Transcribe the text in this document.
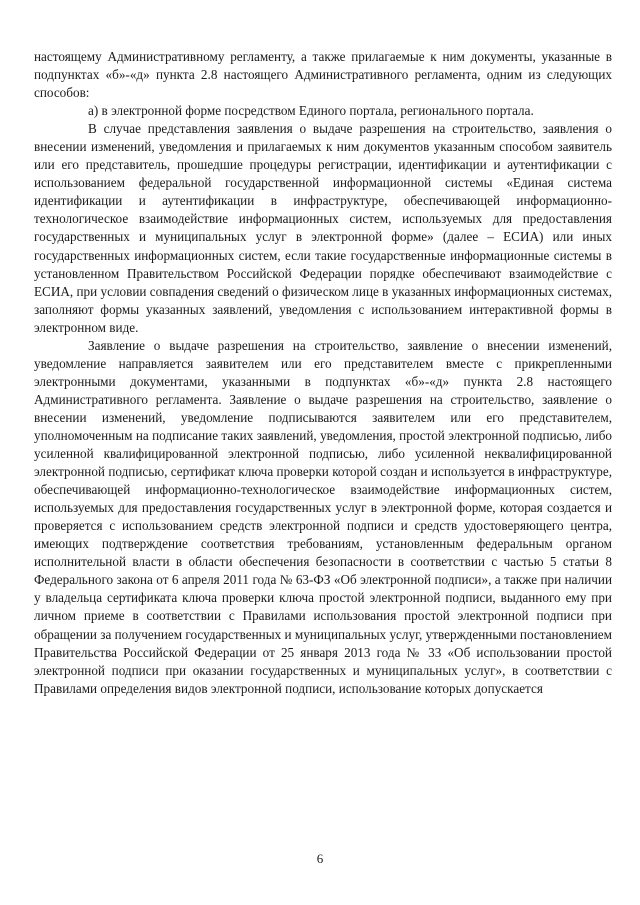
настоящему Административному регламенту, а также прилагаемые к ним документы, указанные в подпунктах «б»-«д» пункта 2.8 настоящего Административного регламента, одним из следующих способов:

а) в электронной форме посредством Единого портала, регионального портала.

В случае представления заявления о выдаче разрешения на строительство, заявления о внесении изменений, уведомления и прилагаемых к ним документов указанным способом заявитель или его представитель, прошедшие процедуры регистрации, идентификации и аутентификации с использованием федеральной государственной информационной системы «Единая система идентификации и аутентификации в инфраструктуре, обеспечивающей информационно-технологическое взаимодействие информационных систем, используемых для предоставления государственных и муниципальных услуг в электронной форме» (далее – ЕСИА) или иных государственных информационных систем, если такие государственные информационные системы в установленном Правительством Российской Федерации порядке обеспечивают взаимодействие с ЕСИА, при условии совпадения сведений о физическом лице в указанных информационных системах, заполняют формы указанных заявлений, уведомления с использованием интерактивной формы в электронном виде.

Заявление о выдаче разрешения на строительство, заявление о внесении изменений, уведомление направляется заявителем или его представителем вместе с прикрепленными электронными документами, указанными в подпунктах «б»-«д» пункта 2.8 настоящего Административного регламента. Заявление о выдаче разрешения на строительство, заявление о внесении изменений, уведомление подписываются заявителем или его представителем, уполномоченным на подписание таких заявлений, уведомления, простой электронной подписью, либо усиленной квалифицированной электронной подписью, либо усиленной неквалифицированной электронной подписью, сертификат ключа проверки которой создан и используется в инфраструктуре, обеспечивающей информационно-технологическое взаимодействие информационных систем, используемых для предоставления государственных услуг в электронной форме, которая создается и проверяется с использованием средств электронной подписи и средств удостоверяющего центра, имеющих подтверждение соответствия требованиям, установленным федеральным органом исполнительной власти в области обеспечения безопасности в соответствии с частью 5 статьи 8 Федерального закона от 6 апреля 2011 года № 63-ФЗ «Об электронной подписи», а также при наличии у владельца сертификата ключа проверки ключа простой электронной подписи, выданного ему при личном приеме в соответствии с Правилами использования простой электронной подписи при обращении за получением государственных и муниципальных услуг, утвержденными постановлением Правительства Российской Федерации от 25 января 2013 года № 33 «Об использовании простой электронной подписи при оказании государственных и муниципальных услуг», в соответствии с Правилами определения видов электронной подписи, использование которых допускается

6
